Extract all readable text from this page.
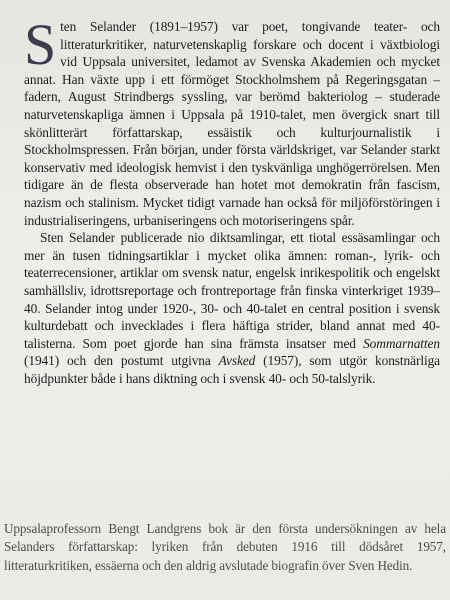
Sten Selander (1891–1957) var poet, tongivande teater- och litteraturkritiker, naturvetenskaplig forskare och docent i växtbiologi vid Uppsala universitet, ledamot av Svenska Akademien och mycket annat. Han växte upp i ett förmöget Stockholmshem på Regeringsgatan – fadern, August Strindbergs syssling, var berömd bakteriolog – studerade naturvetenskapliga ämnen i Uppsala på 1910-talet, men övergick snart till skönlitterärt författarskap, essäistik och kulturjournalistik i Stockholmspressen. Från början, under första världskriget, var Selander starkt konservativ med ideologisk hemvist i den tyskvänliga unghögerrörelsen. Men tidigare än de flesta observerade han hotet mot demokratin från fascism, nazism och stalinism. Mycket tidigt varnade han också för miljöförstöringen i industrialiseringens, urbaniseringens och motoriseringens spår.

Sten Selander publicerade nio diktsamlingar, ett tiotal essäsamlingar och mer än tusen tidningsartiklar i mycket olika ämnen: roman-, lyrik- och teaterrecensioner, artiklar om svensk natur, engelsk inrikespolitik och engelskt samhällsliv, idrottsreportage och frontreportage från finska vinterkriget 1939–40. Selander intog under 1920-, 30- och 40-talet en central position i svensk kulturdebatt och invecklades i flera häftiga strider, bland annat med 40-talisterna. Som poet gjorde han sina främsta insatser med Sommarnatten (1941) och den postumt utgivna Avsked (1957), som utgör konstnärliga höjdpunkter både i hans diktning och i svensk 40- och 50-talslyrik.

Uppsalaprofessorn Bengt Landgrens bok är den första undersökningen av hela Selanders författarskap: lyriken från debuten 1916 till dödsåret 1957, litteraturkritiken, essäerna och den aldrig avslutade biografin över Sven Hedin.
